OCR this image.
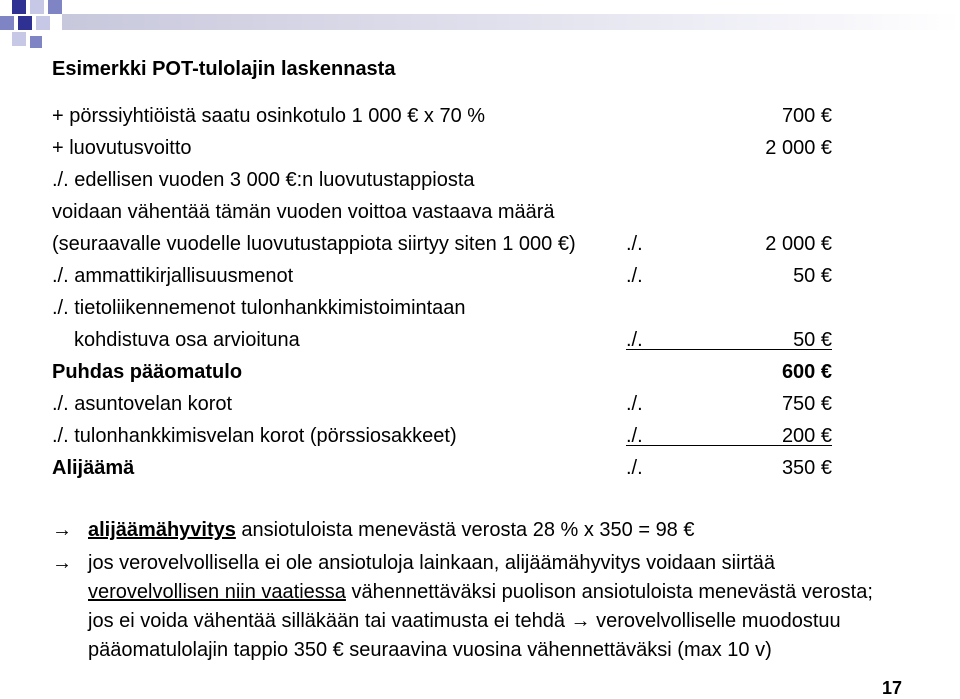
Esimerkki POT-tulolajin laskennasta
+ pörssiyhtiöistä saatu osinkotulo 1 000 € x 70 %	700 €
+ luovutusvoitto	2 000 €
./. edellisen vuoden 3 000 €:n luovutustappiosta
voidaan vähentää tämän vuoden voittoa vastaava määrä
(seuraavalle vuodelle luovutustappiota siirtyy siten 1 000 €)	./.	2 000 €
./. ammattikirjallisuusmenot	./.	50 €
./. tietoliikennemenot tulonhankkimistoimintaan
kohdistuva osa arvioituna	./.	50 €
Puhdas pääomatulo	600 €
./. asuntovelan korot	./.	750 €
./. tulonhankkimisvelan korot (pörssiosakkeet)	./.	200 €
Alijäämä	./.	350 €
→ alijäämähyvitys ansiotuloista menevästä verosta 28 % x 350 = 98 €
→ jos verovelvollisella ei ole ansiotuloja lainkaan, alijäämähyvitys voidaan siirtää
verovelvollisen niin vaatiessa vähennettäväksi puolison ansiotuloista menevästä verosta;
jos ei voida vähentää silläkään tai vaatimusta ei tehdä → verovelvolliselle muodostuu
pääomatulolajin tappio 350 € seuraavina vuosina vähennettäväksi (max 10 v)
17
